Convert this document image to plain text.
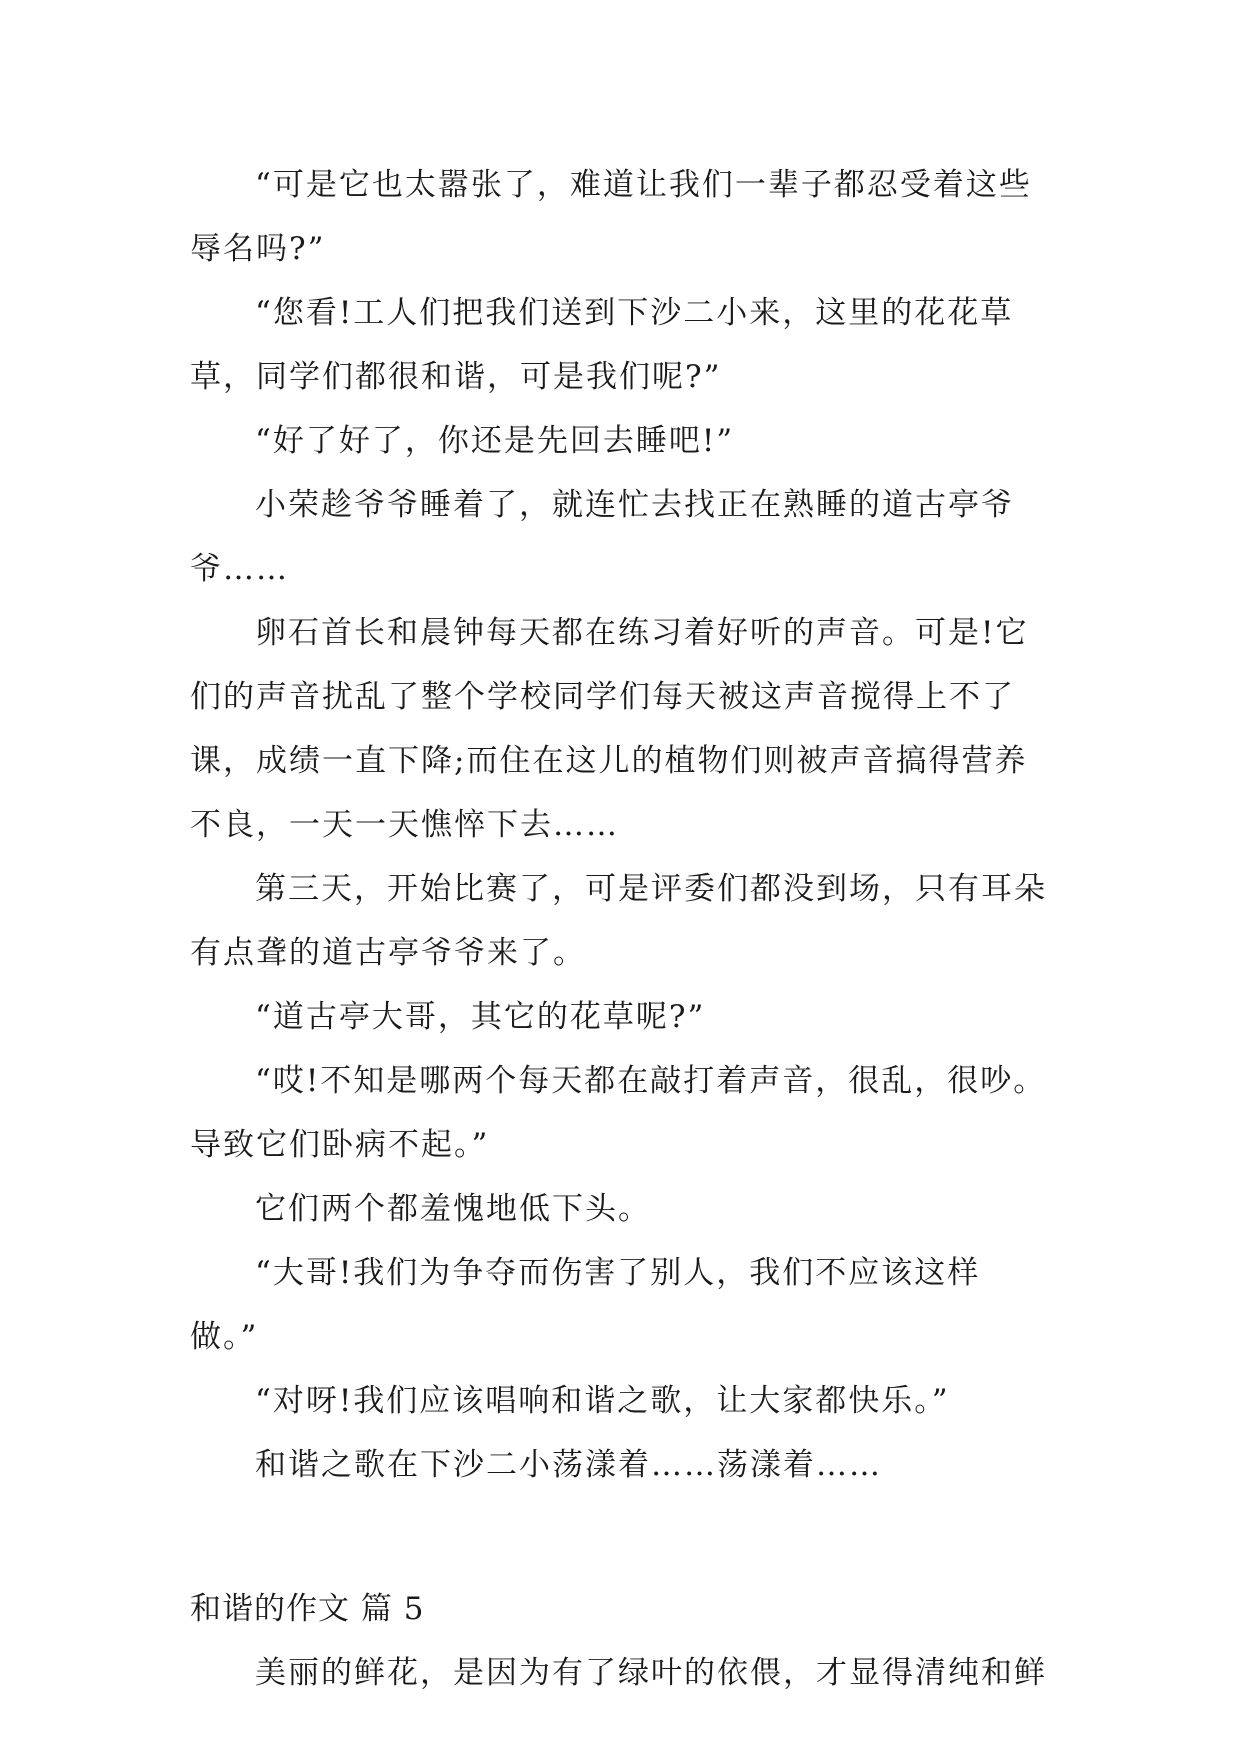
“可是它也太嚣张了，难道让我们一辈子都忍受着这些
辱名吗?”
“您看!工人们把我们送到下沙二小来，这里的花花草
草，同学们都很和谐，可是我们呢?”
“好了好了，你还是先回去睡吧!”
小荣趁爷爷睡着了，就连忙去找正在熟睡的道古亭爷
爷……
卵石首长和晨钟每天都在练习着好听的声音。可是!它
们的声音扰乱了整个学校同学们每天被这声音搅得上不了
课，成绩一直下降;而住在这儿的植物们则被声音搞得营养
不良，一天一天憔悴下去……
第三天，开始比赛了，可是评委们都没到场，只有耳朵
有点聋的道古亭爷爷来了。
“道古亭大哥，其它的花草呢?”
“哎!不知是哪两个每天都在敲打着声音，很乱，很吵。
导致它们卧病不起。”
它们两个都羞愧地低下头。
“大哥!我们为争夺而伤害了别人，我们不应该这样
做。”
“对呀!我们应该唱响和谐之歌，让大家都快乐。”
和谐之歌在下沙二小荡漾着……荡漾着……
和谐的作文 篇 5
美丽的鲜花，是因为有了绿叶的依偎，才显得清纯和鲜
